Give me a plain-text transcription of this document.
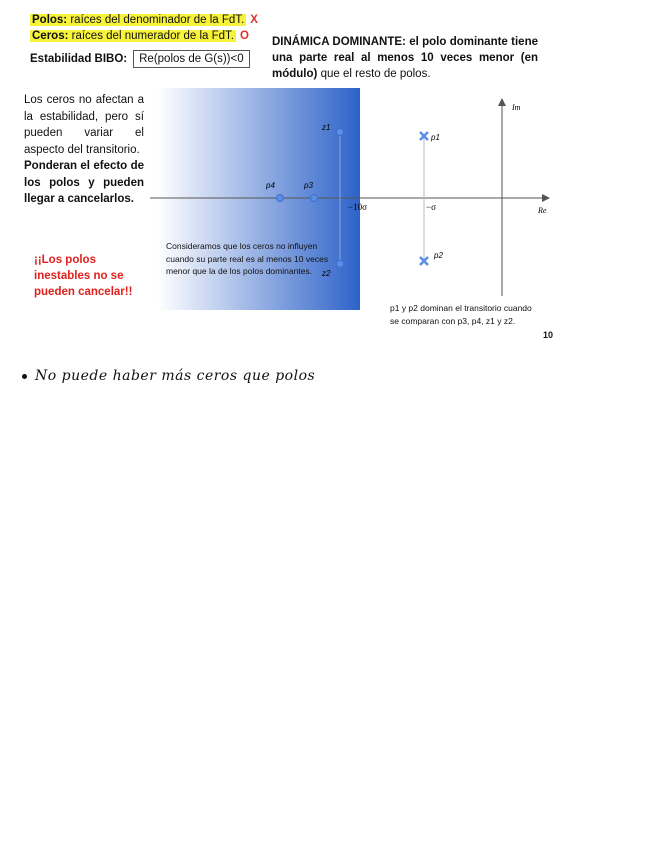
Polos: raíces del denominador de la FdT. X
Ceros: raíces del numerador de la FdT. O
Estabilidad BIBO:	Re(polos de G(s))<0
DINÁMICA DOMINANTE: el polo dominante tiene una parte real al menos 10 veces menor (en módulo) que el resto de polos.

Los ceros no afectan a la estabilidad, pero sí pueden variar el aspecto del transitorio.

Ponderan el efecto de los polos y pueden llegar a cancelarlos.

¡¡Los polos inestables no se pueden cancelar!!
Im
Re
−10σ	−σ
z1
z2
p4	p3
p1
p2
Consideramos que los ceros no influyen cuando su parte real es al menos 10 veces menor que la de los polos dominantes.
p1 y p2 dominan el transitorio cuando se comparan con p3, p4, z1 y z2.
10
No puede haber más ceros que polos
